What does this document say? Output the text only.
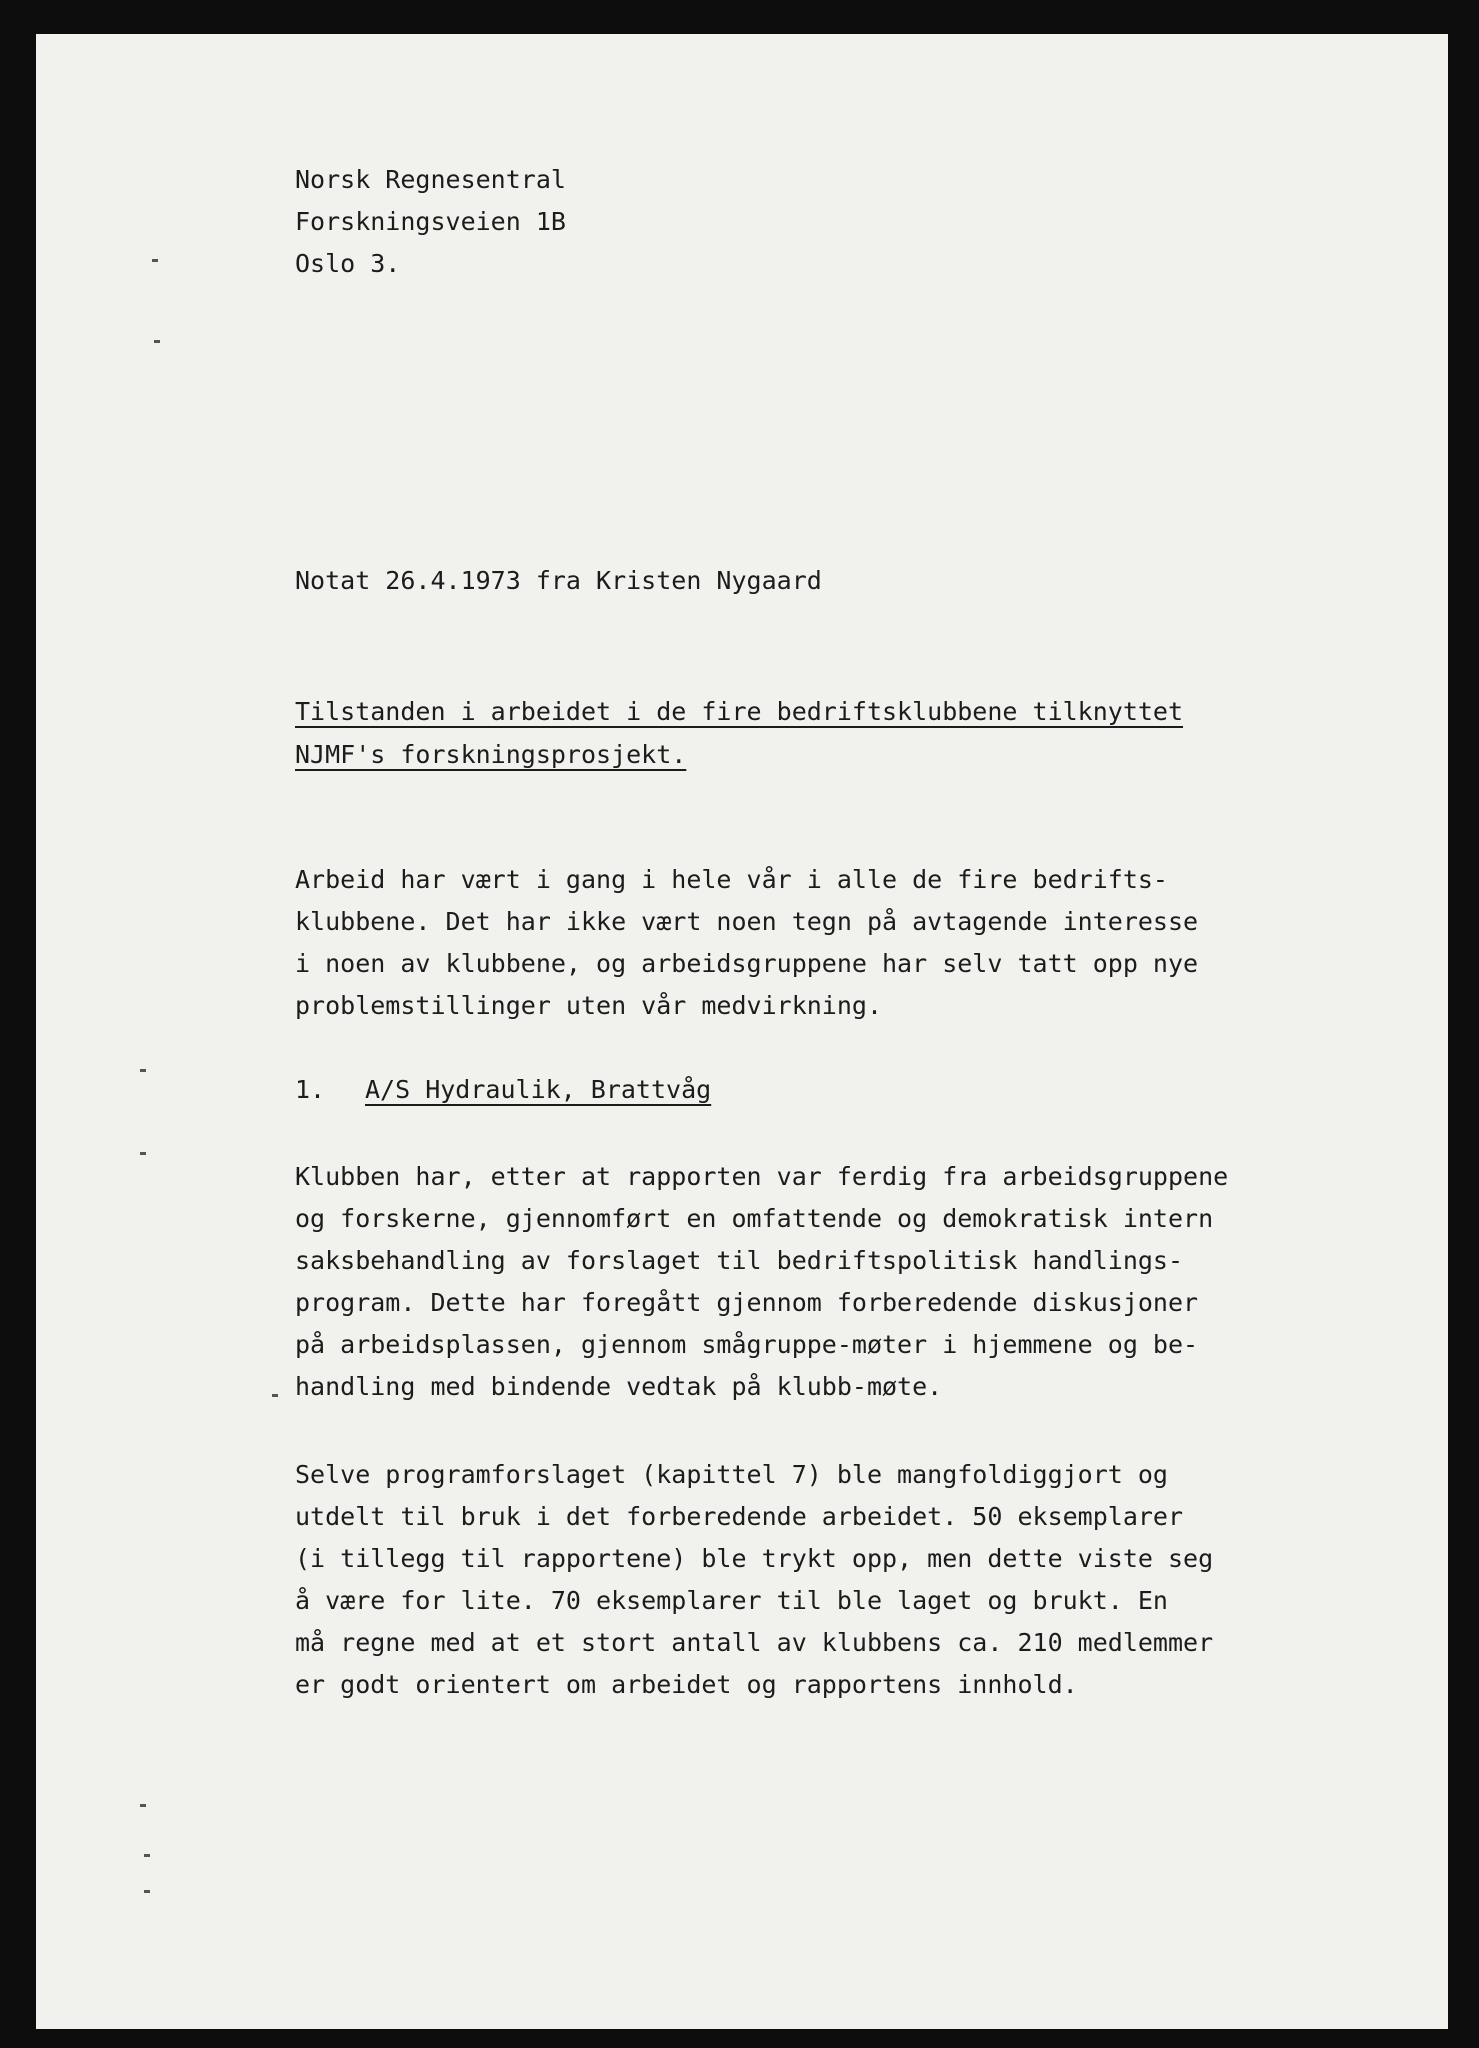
Norsk Regnesentral
Forskningsveien 1B
Oslo 3.
Notat 26.4.1973 fra Kristen Nygaard
Tilstanden i arbeidet i de fire bedriftsklubbene tilknyttet
NJMF's forskningsprosjekt.
Arbeid har vært i gang i hele vår i alle de fire bedrifts-
klubbene. Det har ikke vært noen tegn på avtagende interesse
i noen av klubbene, og arbeidsgruppene har selv tatt opp nye
problemstillinger uten vår medvirkning.
1. A/S Hydraulik, Brattvåg
Klubben har, etter at rapporten var ferdig fra arbeidsgruppene
og forskerne, gjennomført en omfattende og demokratisk intern
saksbehandling av forslaget til bedriftspolitisk handlings-
program. Dette har foregått gjennom forberedende diskusjoner
på arbeidsplassen, gjennom smågruppe-møter i hjemmene og be-
handling med bindende vedtak på klubb-møte.
Selve programforslaget (kapittel 7) ble mangfoldiggjort og
utdelt til bruk i det forberedende arbeidet. 50 eksemplarer
(i tillegg til rapportene) ble trykt opp, men dette viste seg
å være for lite. 70 eksemplarer til ble laget og brukt. En
må regne med at et stort antall av klubbens ca. 210 medlemmer
er godt orientert om arbeidet og rapportens innhold.
